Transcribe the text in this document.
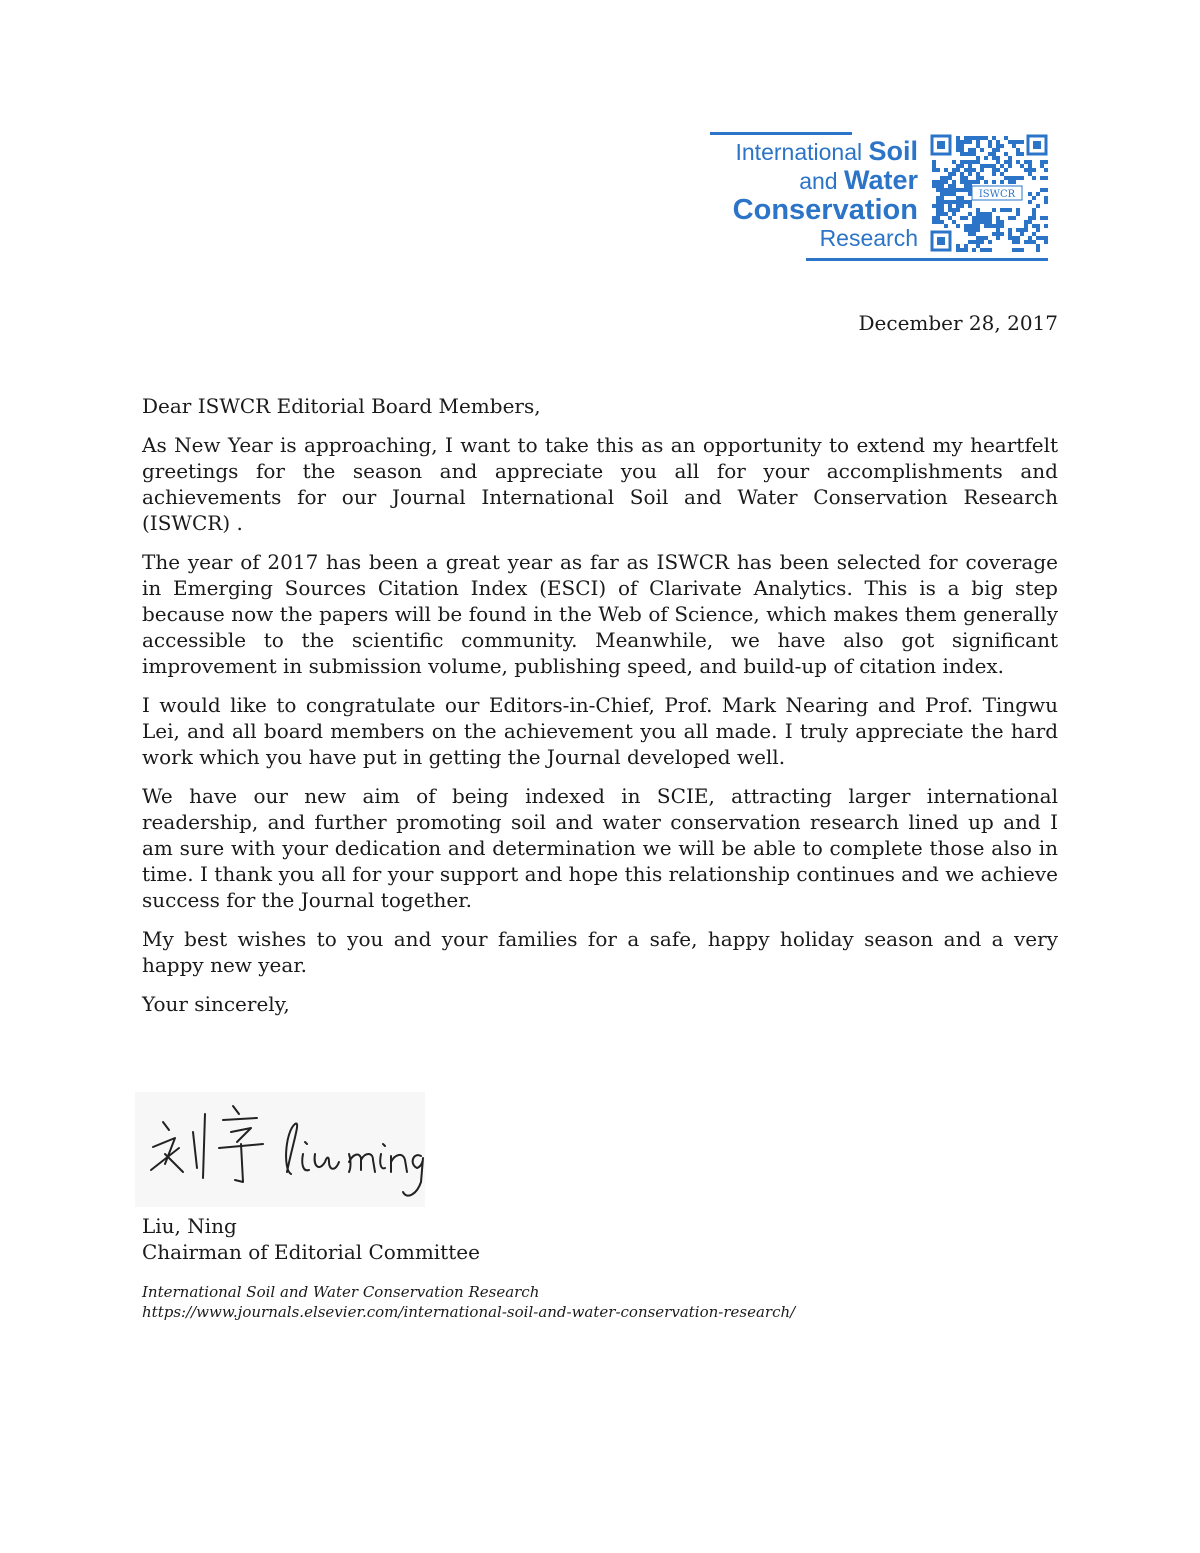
International Soil
and Water
Conservation
Research
ISWCR
December 28, 2017

Dear ISWCR Editorial Board Members,

As New Year is approaching, I want to take this as an opportunity to extend my heartfelt greetings for the season and appreciate you all for your accomplishments and achievements for our Journal International Soil and Water Conservation Research (ISWCR) .

The year of 2017 has been a great year as far as ISWCR has been selected for coverage in Emerging Sources Citation Index (ESCI) of Clarivate Analytics. This is a big step because now the papers will be found in the Web of Science, which makes them generally accessible to the scientific community. Meanwhile, we have also got significant improvement in submission volume, publishing speed, and build-up of citation index.

I would like to congratulate our Editors-in-Chief, Prof. Mark Nearing and Prof. Tingwu Lei, and all board members on the achievement you all made. I truly appreciate the hard work which you have put in getting the Journal developed well.

We have our new aim of being indexed in SCIE, attracting larger international readership, and further promoting soil and water conservation research lined up and I am sure with your dedication and determination we will be able to complete those also in time. I thank you all for your support and hope this relationship continues and we achieve success for the Journal together.

My best wishes to you and your families for a safe, happy holiday season and a very happy new year.

Your sincerely,

Liu, Ning
Chairman of Editorial Committee
International Soil and Water Conservation Research
https://www.journals.elsevier.com/international-soil-and-water-conservation-research/
